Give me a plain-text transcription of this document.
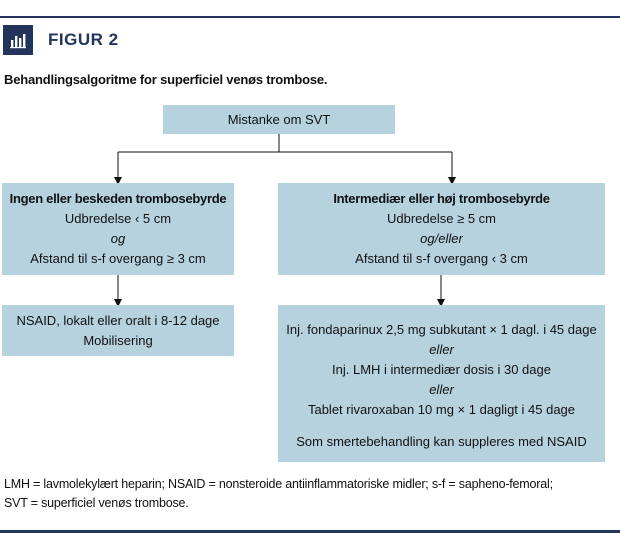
FIGUR 2
Behandlingsalgoritme for superficiel venøs trombose.
Mistanke om SVT
Ingen eller beskeden trombosebyrde
Udbredelse ‹ 5 cm
og
Afstand til s-f overgang ≥ 3 cm
Intermediær eller høj trombosebyrde
Udbredelse ≥ 5 cm
og/eller
Afstand til s-f overgang ‹ 3 cm
NSAID, lokalt eller oralt i 8-12 dage
Mobilisering
Inj. fondaparinux 2,5 mg subkutant × 1 dagl. i 45 dage
eller
Inj. LMH i intermediær dosis i 30 dage
eller
Tablet rivaroxaban 10 mg × 1 dagligt i 45 dage
Som smertebehandling kan suppleres med NSAID
LMH = lavmolekylært heparin; NSAID = nonsteroide antiinflammatoriske midler; s-f = sapheno-femoral;
SVT = superficiel venøs trombose.
